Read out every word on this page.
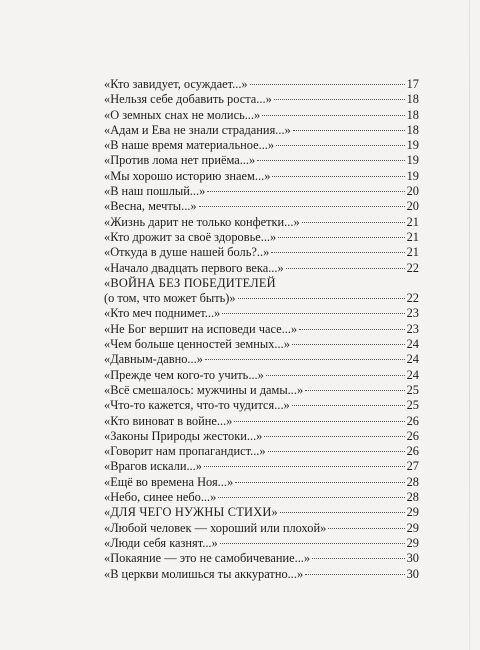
«Кто завидует, осуждает...»	17
«Нельзя себе добавить роста...»	18
«О земных снах не молись...»	18
«Адам и Ева не знали страдания...»	18
«В наше время материальное...»	19
«Против лома нет приёма...»	19
«Мы хорошо историю знаем...»	19
«В наш пошлый...»	20
«Весна, мечты...»	20
«Жизнь дарит не только конфетки...»	21
«Кто дрожит за своё здоровье...»	21
«Откуда в душе нашей боль?..»	21
«Начало двадцать первого века...»	22
«ВОЙНА БЕЗ ПОБЕДИТЕЛЕЙ
(о том, что может быть)»	22
«Кто меч поднимет...»	23
«Не Бог вершит на исповеди часе...»	23
«Чем больше ценностей земных...»	24
«Давным-давно...»	24
«Прежде чем кого-то учить...»	24
«Всё смешалось: мужчины и дамы...»	25
«Что-то кажется, что-то чудится...»	25
«Кто виноват в войне...»	26
«Законы Природы жестоки...»	26
«Говорит нам пропагандист...»	26
«Врагов искали...»	27
«Ещё во времена Ноя...»	28
«Небо, синее небо...»	28
«ДЛЯ ЧЕГО НУЖНЫ СТИХИ»	29
«Любой человек — хороший или плохой»	29
«Люди себя казнят...»	29
«Покаяние — это не самобичевание...»	30
«В церкви молишься ты аккуратно...»	30
